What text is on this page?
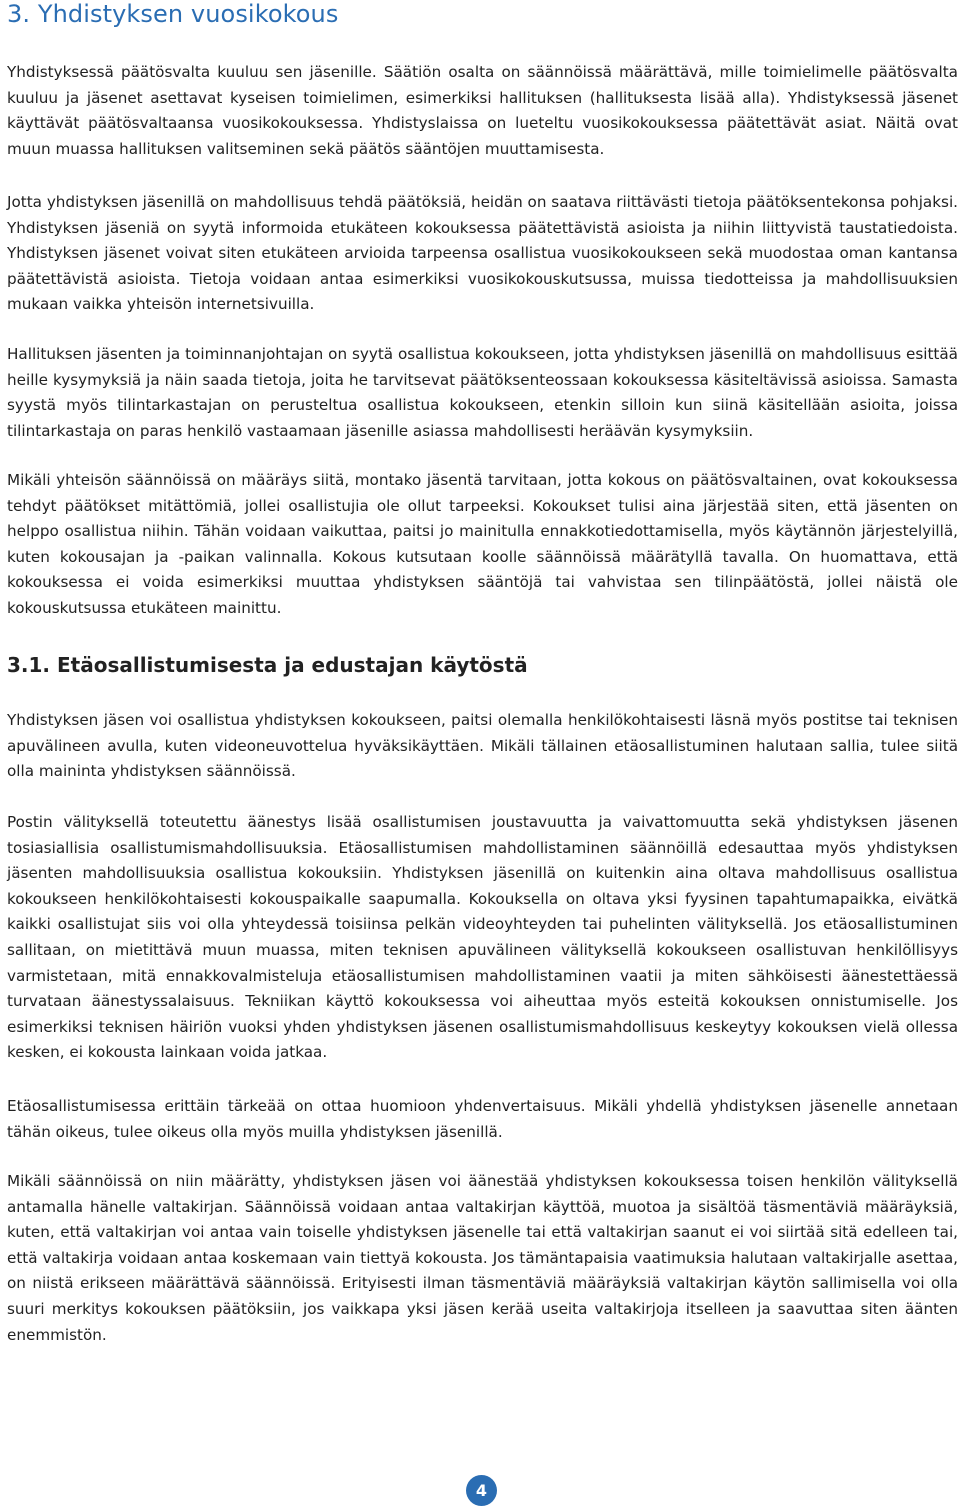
3. Yhdistyksen vuosikokous

Yhdistyksessä päätösvalta kuuluu sen jäsenille. Säätiön osalta on säännöissä määrättävä, mille toimielimelle päätösvalta kuuluu ja jäsenet asettavat kyseisen toimielimen, esimerkiksi hallituksen (hallituksesta lisää alla). Yhdistyksessä jäsenet käyttävät päätösvaltaansa vuosikokouksessa. Yhdistyslaissa on lueteltu vuosikokouksessa päätettävät asiat. Näitä ovat muun muassa hallituksen valitseminen sekä päätös sääntöjen muuttamisesta.

Jotta yhdistyksen jäsenillä on mahdollisuus tehdä päätöksiä, heidän on saatava riittävästi tietoja päätöksentekonsa pohjaksi. Yhdistyksen jäseniä on syytä informoida etukäteen kokouksessa päätettävistä asioista ja niihin liittyvistä taustatiedoista. Yhdistyksen jäsenet voivat siten etukäteen arvioida tarpeensa osallistua vuosikokoukseen sekä muodostaa oman kantansa päätettävistä asioista. Tietoja voidaan antaa esimerkiksi vuosikokouskutsussa, muissa tiedotteissa ja mahdollisuuksien mukaan vaikka yhteisön internetsivuilla.

Hallituksen jäsenten ja toiminnanjohtajan on syytä osallistua kokoukseen, jotta yhdistyksen jäsenillä on mahdollisuus esittää heille kysymyksiä ja näin saada tietoja, joita he tarvitsevat päätöksenteossaan kokouksessa käsiteltävissä asioissa. Samasta syystä myös tilintarkastajan on perusteltua osallistua kokoukseen, etenkin silloin kun siinä käsitellään asioita, joissa tilintarkastaja on paras henkilö vastaamaan jäsenille asiassa mahdollisesti heräävän kysymyksiin.

Mikäli yhteisön säännöissä on määräys siitä, montako jäsentä tarvitaan, jotta kokous on päätösvaltainen, ovat kokouksessa tehdyt päätökset mitättömiä, jollei osallistujia ole ollut tarpeeksi. Kokoukset tulisi aina järjestää siten, että jäsenten on helppo osallistua niihin. Tähän voidaan vaikuttaa, paitsi jo mainitulla ennakkotiedottamisella, myös käytännön järjestelyillä, kuten kokousajan ja -paikan valinnalla. Kokous kutsutaan koolle säännöissä määrätyllä tavalla. On huomattava, että kokouksessa ei voida esimerkiksi muuttaa yhdistyksen sääntöjä tai vahvistaa sen tilinpäätöstä, jollei näistä ole kokouskutsussa etukäteen mainittu.

3.1. Etäosallistumisesta ja edustajan käytöstä

Yhdistyksen jäsen voi osallistua yhdistyksen kokoukseen, paitsi olemalla henkilökohtaisesti läsnä myös postitse tai teknisen apuvälineen avulla, kuten videoneuvottelua hyväksikäyttäen. Mikäli tällainen etäosallistuminen halutaan sallia, tulee siitä olla maininta yhdistyksen säännöissä.

Postin välityksellä toteutettu äänestys lisää osallistumisen joustavuutta ja vaivattomuutta sekä yhdistyksen jäsenen tosiasiallisia osallistumismahdollisuuksia. Etäosallistumisen mahdollistaminen säännöillä edesauttaa myös yhdistyksen jäsenten mahdollisuuksia osallistua kokouksiin. Yhdistyksen jäsenillä on kuitenkin aina oltava mahdollisuus osallistua kokoukseen henkilökohtaisesti kokouspaikalle saapumalla. Kokouksella on oltava yksi fyysinen tapahtumapaikka, eivätkä kaikki osallistujat siis voi olla yhteydessä toisiinsa pelkän videoyhteyden tai puhelinten välityksellä. Jos etäosallistuminen sallitaan, on mietittävä muun muassa, miten teknisen apuvälineen välityksellä kokoukseen osallistuvan henkilöllisyys varmistetaan, mitä ennakkovalmisteluja etäosallistumisen mahdollistaminen vaatii ja miten sähköisesti äänestettäessä turvataan äänestyssalaisuus. Tekniikan käyttö kokouksessa voi aiheuttaa myös esteitä kokouksen onnistumiselle. Jos esimerkiksi teknisen häiriön vuoksi yhden yhdistyksen jäsenen osallistumismahdollisuus keskeytyy kokouksen vielä ollessa kesken, ei kokousta lainkaan voida jatkaa.

Etäosallistumisessa erittäin tärkeää on ottaa huomioon yhdenvertaisuus. Mikäli yhdellä yhdistyksen jäsenelle annetaan tähän oikeus, tulee oikeus olla myös muilla yhdistyksen jäsenillä.

Mikäli säännöissä on niin määrätty, yhdistyksen jäsen voi äänestää yhdistyksen kokouksessa toisen henkilön välityksellä antamalla hänelle valtakirjan. Säännöissä voidaan antaa valtakirjan käyttöä, muotoa ja sisältöä täsmentäviä määräyksiä, kuten, että valtakirjan voi antaa vain toiselle yhdistyksen jäsenelle tai että valtakirjan saanut ei voi siirtää sitä edelleen tai, että valtakirja voidaan antaa koskemaan vain tiettyä kokousta. Jos tämäntapaisia vaatimuksia halutaan valtakirjalle asettaa, on niistä erikseen määrättävä säännöissä. Erityisesti ilman täsmentäviä määräyksiä valtakirjan käytön sallimisella voi olla suuri merkitys kokouksen päätöksiin, jos vaikkapa yksi jäsen kerää useita valtakirjoja itselleen ja saavuttaa siten äänten enemmistön.

4
